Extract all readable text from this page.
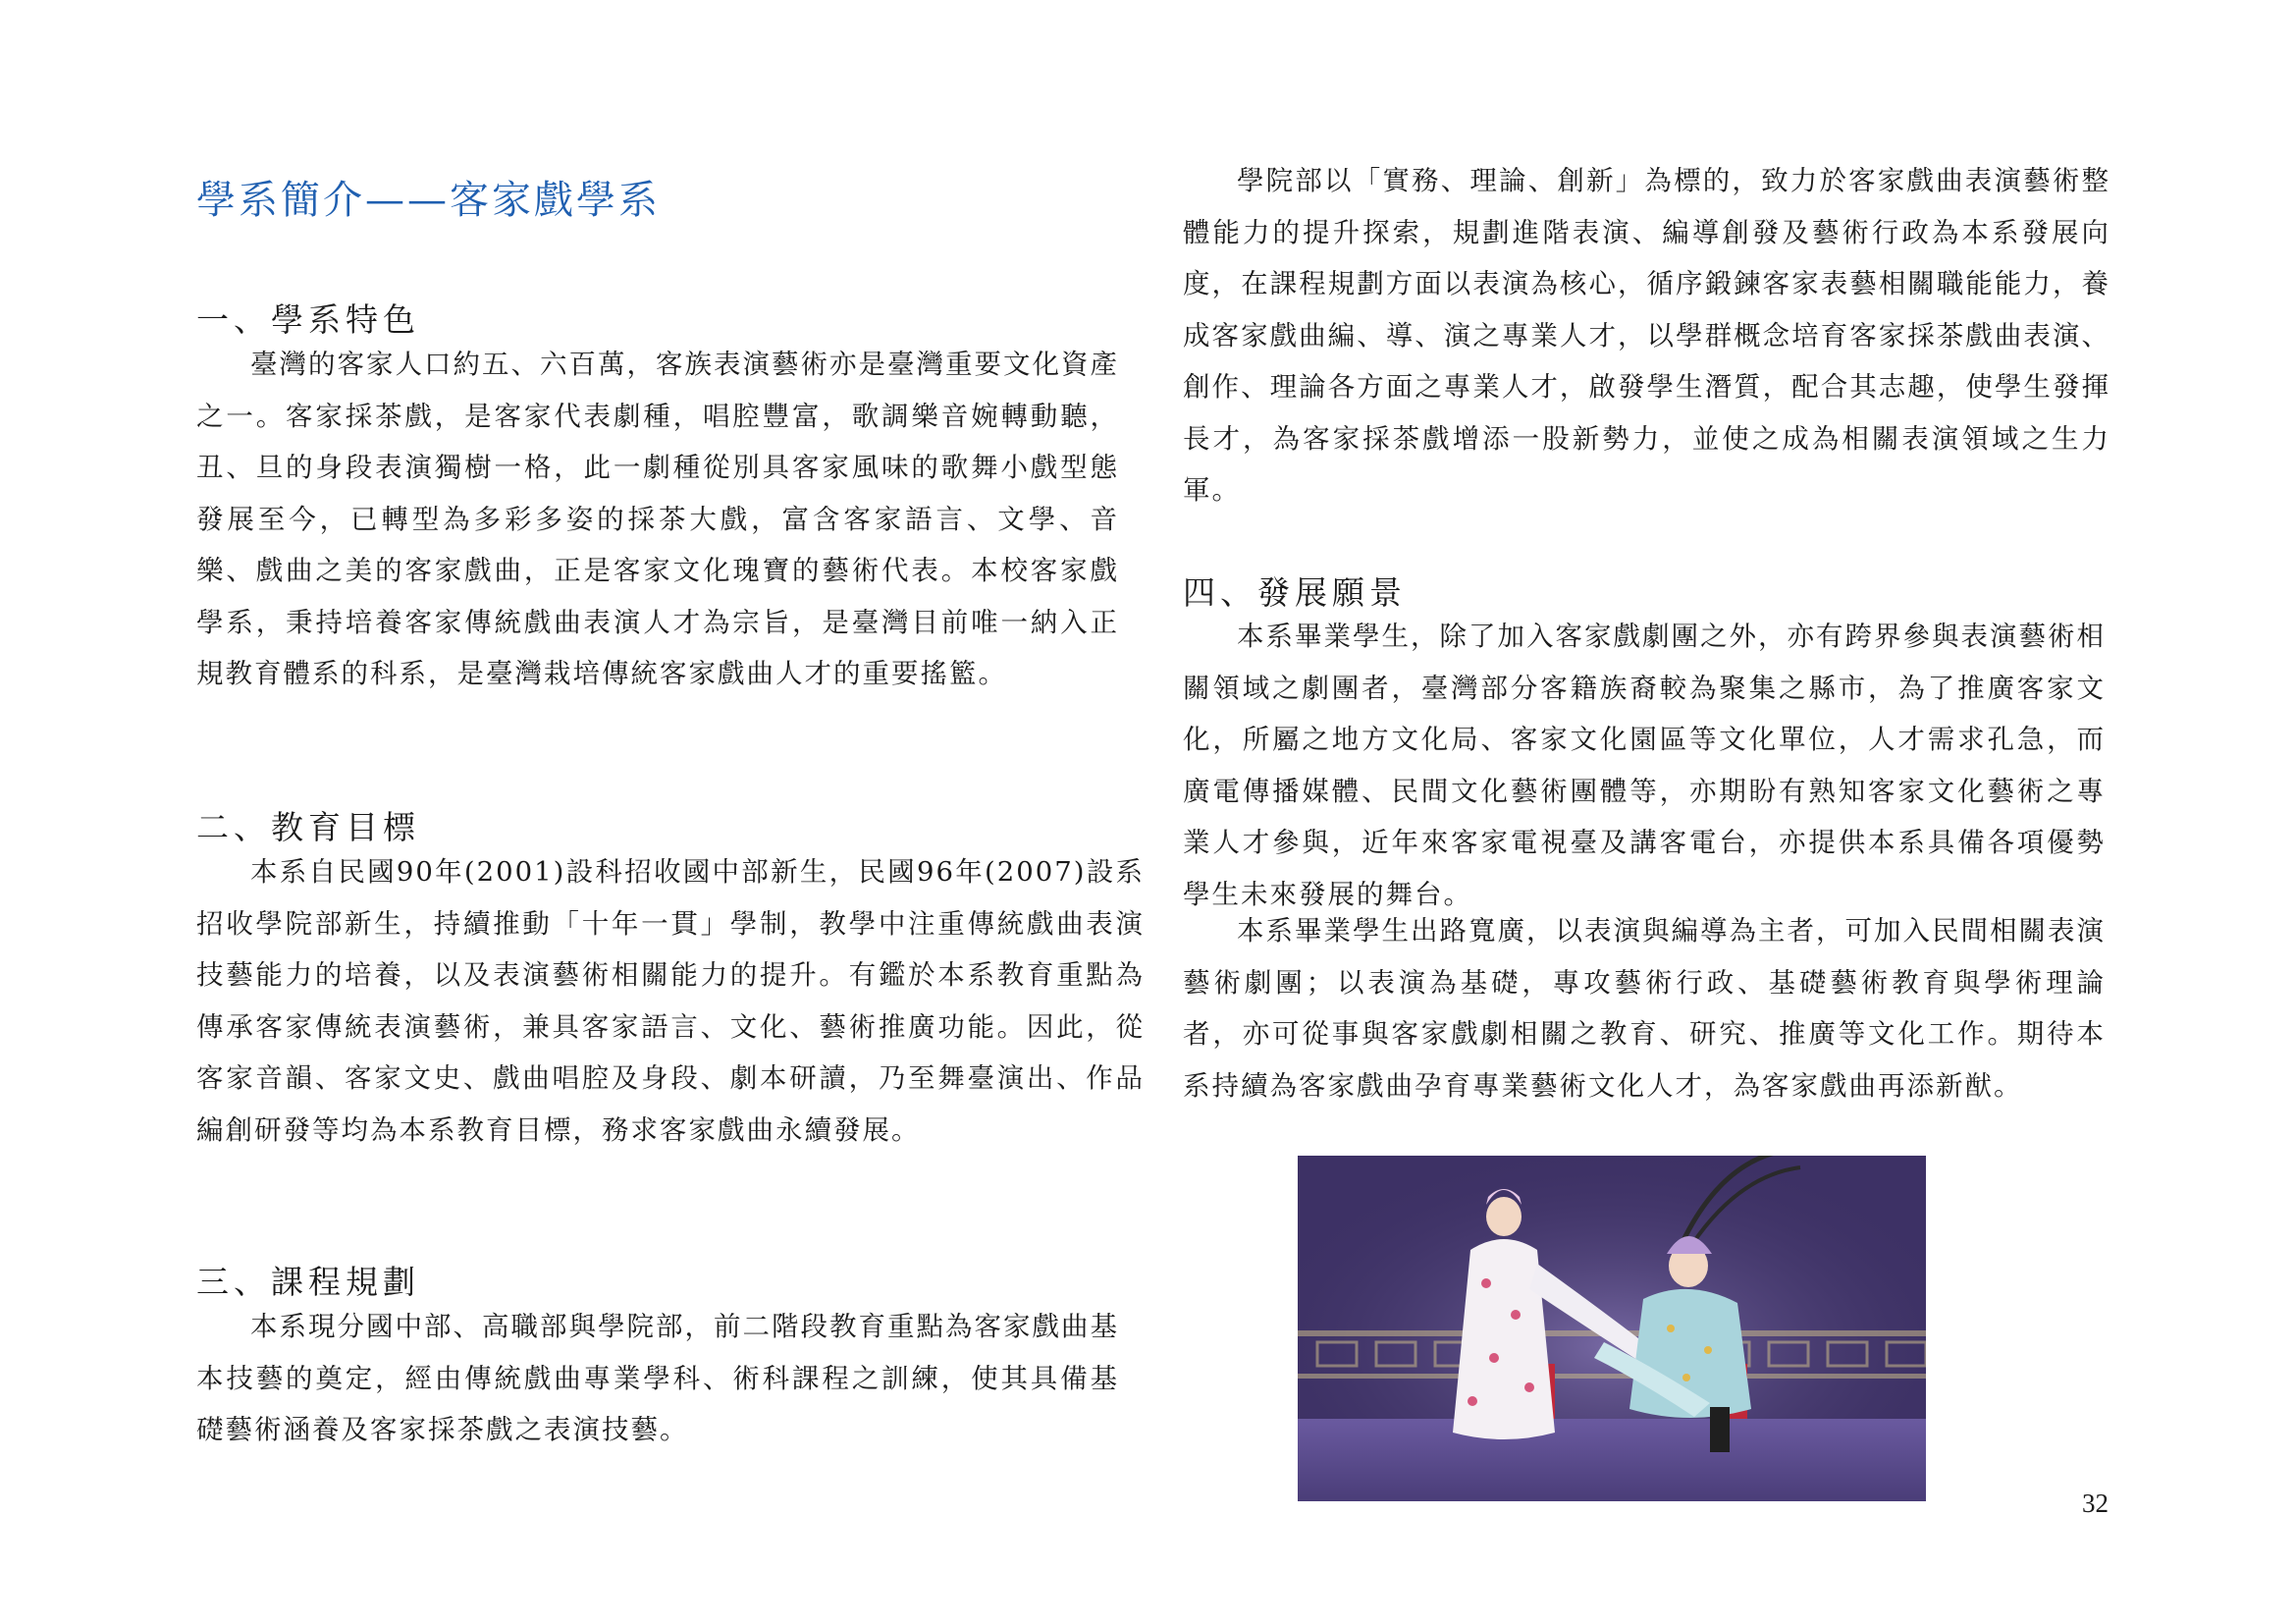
學系簡介——客家戲學系
一、學系特色

臺灣的客家人口約五、六百萬，客族表演藝術亦是臺灣重要文化資產之一。客家採茶戲，是客家代表劇種，唱腔豐富，歌調樂音婉轉動聽，丑、旦的身段表演獨樹一格，此一劇種從別具客家風味的歌舞小戲型態發展至今，已轉型為多彩多姿的採茶大戲，富含客家語言、文學、音樂、戲曲之美的客家戲曲，正是客家文化瑰寶的藝術代表。本校客家戲學系，秉持培養客家傳統戲曲表演人才為宗旨，是臺灣目前唯一納入正規教育體系的科系，是臺灣栽培傳統客家戲曲人才的重要搖籃。

二、教育目標

本系自民國90年(2001)設科招收國中部新生，民國96年(2007)設系招收學院部新生，持續推動「十年一貫」學制，教學中注重傳統戲曲表演技藝能力的培養，以及表演藝術相關能力的提升。有鑑於本系教育重點為傳承客家傳統表演藝術，兼具客家語言、文化、藝術推廣功能。因此，從客家音韻、客家文史、戲曲唱腔及身段、劇本研讀，乃至舞臺演出、作品編創研發等均為本系教育目標，務求客家戲曲永續發展。

三、課程規劃

本系現分國中部、高職部與學院部，前二階段教育重點為客家戲曲基本技藝的奠定，經由傳統戲曲專業學科、術科課程之訓練，使其具備基礎藝術涵養及客家採茶戲之表演技藝。

學院部以「實務、理論、創新」為標的，致力於客家戲曲表演藝術整體能力的提升探索，規劃進階表演、編導創發及藝術行政為本系發展向度，在課程規劃方面以表演為核心，循序鍛鍊客家表藝相關職能能力，養成客家戲曲編、導、演之專業人才，以學群概念培育客家採茶戲曲表演、創作、理論各方面之專業人才，啟發學生潛質，配合其志趣，使學生發揮長才，為客家採茶戲增添一股新勢力，並使之成為相關表演領域之生力軍。

四、發展願景

本系畢業學生，除了加入客家戲劇團之外，亦有跨界參與表演藝術相關領域之劇團者，臺灣部分客籍族裔較為聚集之縣市，為了推廣客家文化，所屬之地方文化局、客家文化園區等文化單位，人才需求孔急，而廣電傳播媒體、民間文化藝術團體等，亦期盼有熟知客家文化藝術之專業人才參與，近年來客家電視臺及講客電台，亦提供本系具備各項優勢學生未來發展的舞台。

本系畢業學生出路寬廣，以表演與編導為主者，可加入民間相關表演藝術劇團；以表演為基礎，專攻藝術行政、基礎藝術教育與學術理論者，亦可從事與客家戲劇相關之教育、研究、推廣等文化工作。期待本系持續為客家戲曲孕育專業藝術文化人才，為客家戲曲再添新猷。

32
